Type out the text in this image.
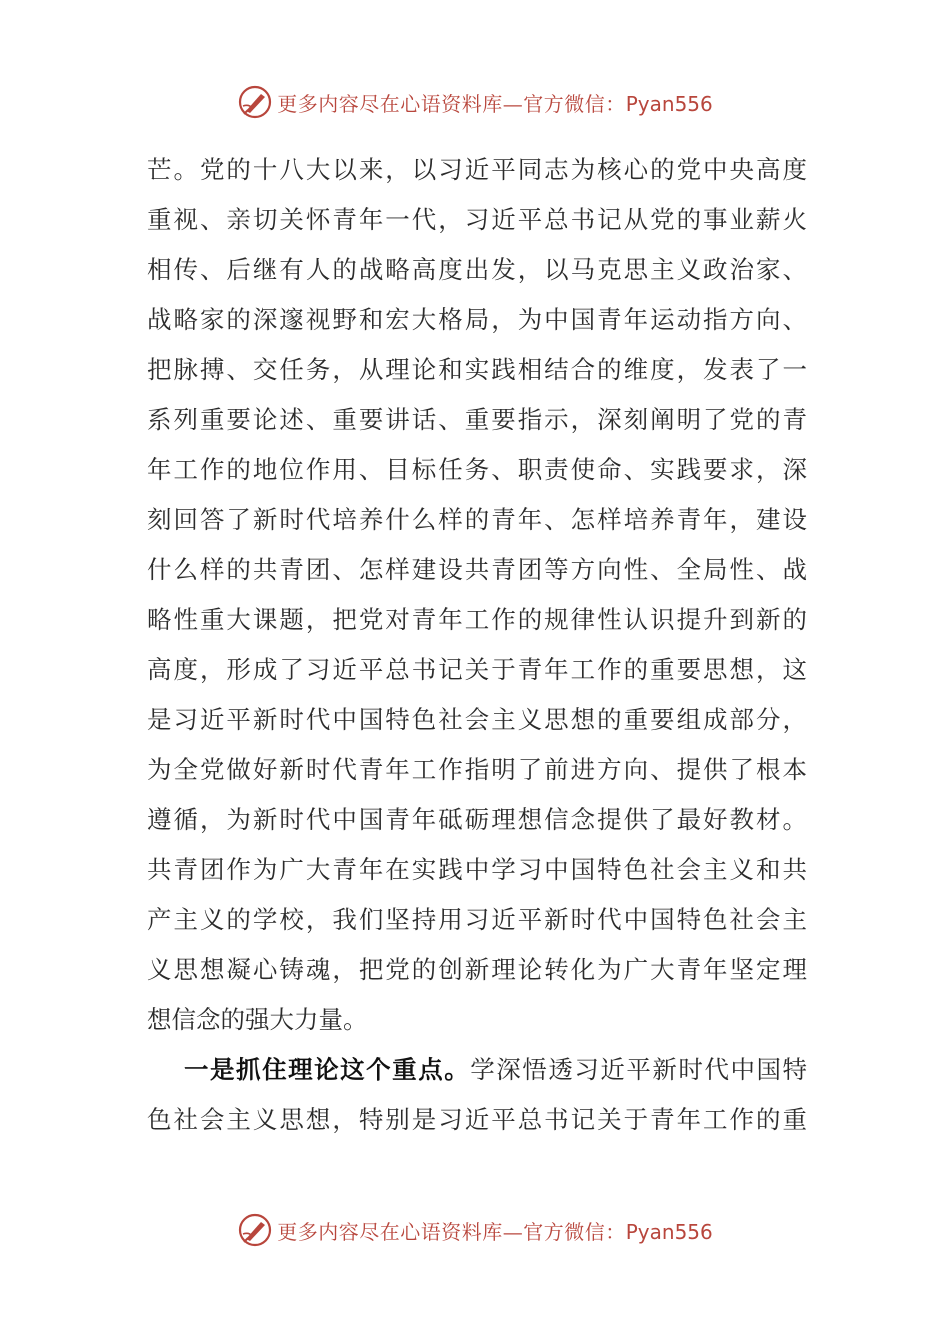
更多内容尽在心语资料库—官方微信：Pyan556
芒。党的十八大以来，以习近平同志为核心的党中央高度
重视、亲切关怀青年一代，习近平总书记从党的事业薪火
相传、后继有人的战略高度出发，以马克思主义政治家、
战略家的深邃视野和宏大格局，为中国青年运动指方向、
把脉搏、交任务，从理论和实践相结合的维度，发表了一
系列重要论述、重要讲话、重要指示，深刻阐明了党的青
年工作的地位作用、目标任务、职责使命、实践要求，深
刻回答了新时代培养什么样的青年、怎样培养青年，建设
什么样的共青团、怎样建设共青团等方向性、全局性、战
略性重大课题，把党对青年工作的规律性认识提升到新的
高度，形成了习近平总书记关于青年工作的重要思想，这
是习近平新时代中国特色社会主义思想的重要组成部分，
为全党做好新时代青年工作指明了前进方向、提供了根本
遵循，为新时代中国青年砥砺理想信念提供了最好教材。
共青团作为广大青年在实践中学习中国特色社会主义和共
产主义的学校，我们坚持用习近平新时代中国特色社会主
义思想凝心铸魂，把党的创新理论转化为广大青年坚定理
想信念的强大力量。
一是抓住理论这个重点。学深悟透习近平新时代中国特
色社会主义思想，特别是习近平总书记关于青年工作的重
更多内容尽在心语资料库—官方微信：Pyan556
